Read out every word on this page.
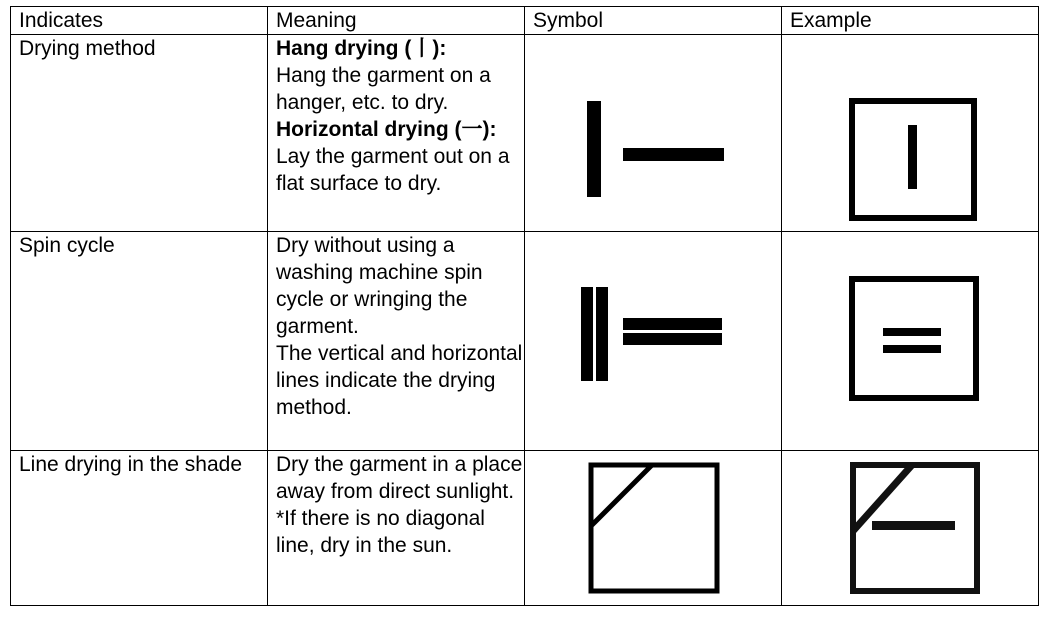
Indicates	Meaning	Symbol	Example
Drying method	Hang drying (丨):
Hang the garment on a hanger, etc. to dry.
Horizontal drying (一): Lay the garment out on a flat surface to dry.	

Spin cycle	Dry without using a washing machine spin cycle or wringing the garment.
The vertical and horizontal lines indicate the drying method.

Line drying in the shade	Dry the garment in a place away from direct sunlight.
*If there is no diagonal line, dry in the sun.
